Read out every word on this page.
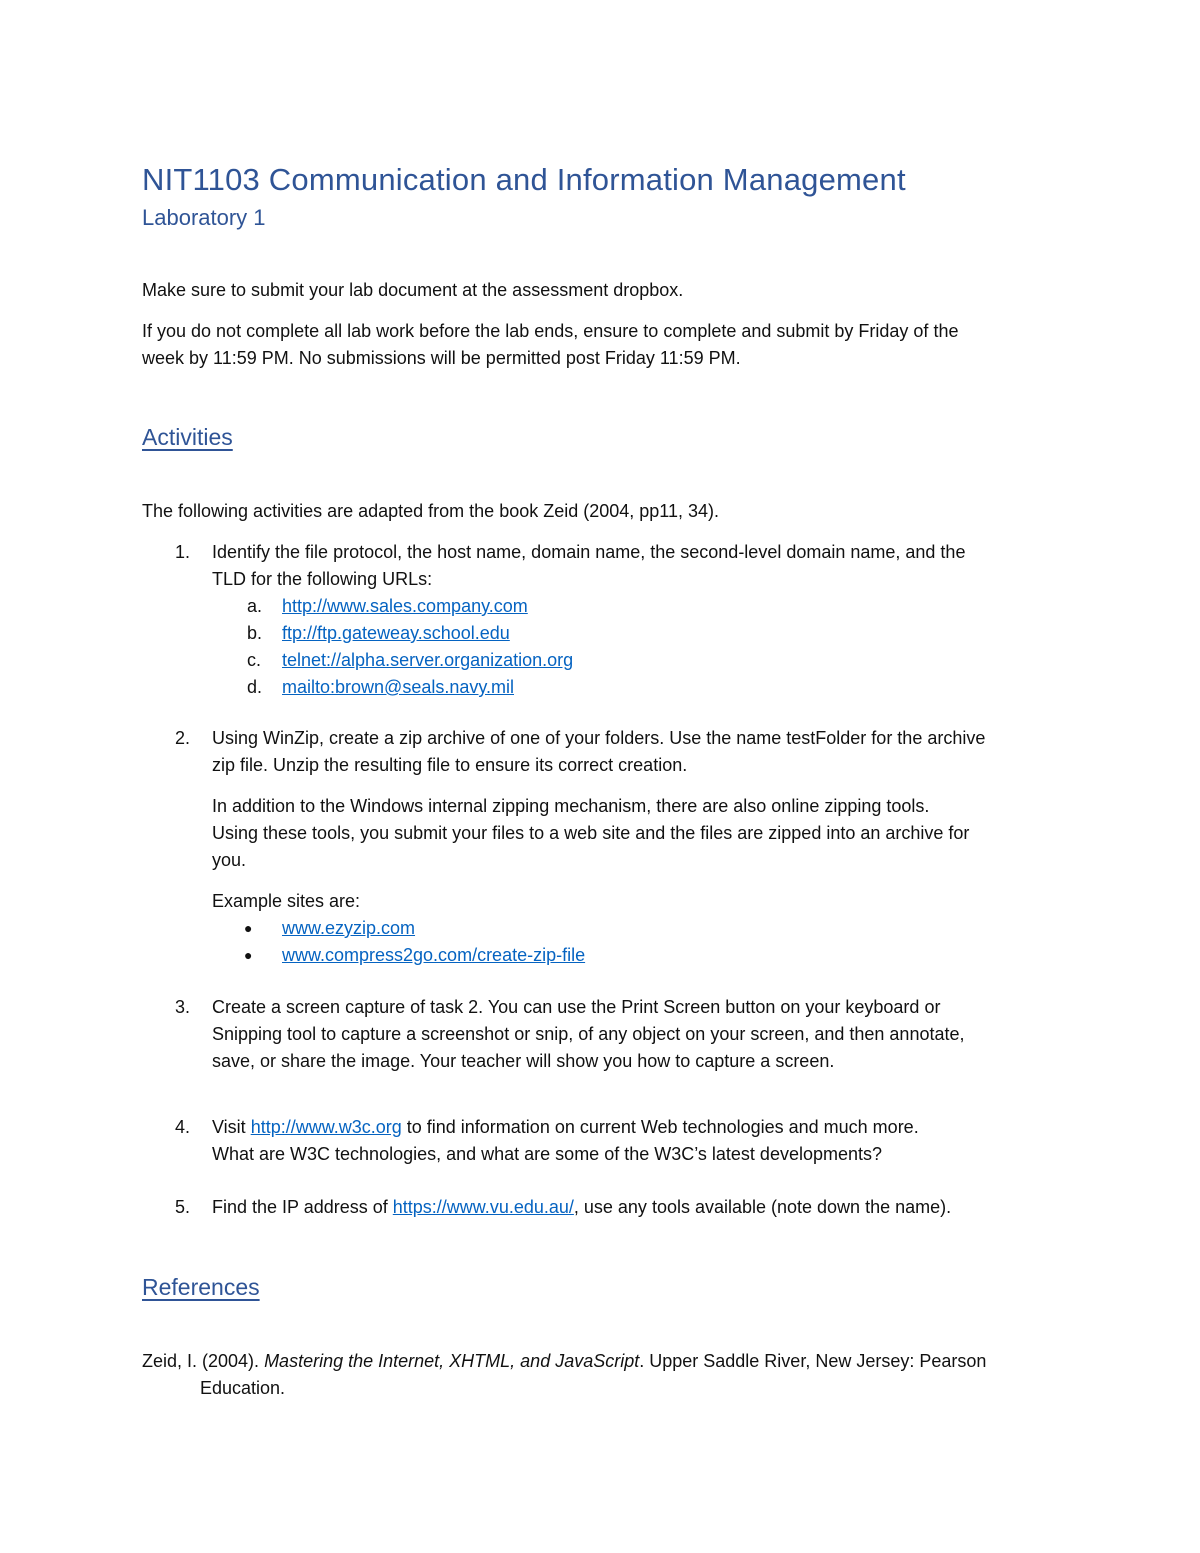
NIT1103 Communication and Information Management
Laboratory 1
Make sure to submit your lab document at the assessment dropbox.
If you do not complete all lab work before the lab ends, ensure to complete and submit by Friday of the
week by 11:59 PM. No submissions will be permitted post Friday 11:59 PM.
Activities
The following activities are adapted from the book Zeid (2004, pp11, 34).
1. Identify the file protocol, the host name, domain name, the second-level domain name, and the
TLD for the following URLs:
a. http://www.sales.company.com
b. ftp://ftp.gateweay.school.edu
c. telnet://alpha.server.organization.org
d. mailto:brown@seals.navy.mil
2. Using WinZip, create a zip archive of one of your folders. Use the name testFolder for the archive
zip file. Unzip the resulting file to ensure its correct creation.
In addition to the Windows internal zipping mechanism, there are also online zipping tools.
Using these tools, you submit your files to a web site and the files are zipped into an archive for
you.
Example sites are:
● www.ezyzip.com
● www.compress2go.com/create-zip-file
3. Create a screen capture of task 2. You can use the Print Screen button on your keyboard or
Snipping tool to capture a screenshot or snip, of any object on your screen, and then annotate,
save, or share the image. Your teacher will show you how to capture a screen.
4. Visit http://www.w3c.org to find information on current Web technologies and much more.
What are W3C technologies, and what are some of the W3C’s latest developments?
5. Find the IP address of https://www.vu.edu.au/, use any tools available (note down the name).
References
Zeid, I. (2004). Mastering the Internet, XHTML, and JavaScript. Upper Saddle River, New Jersey: Pearson
Education.
